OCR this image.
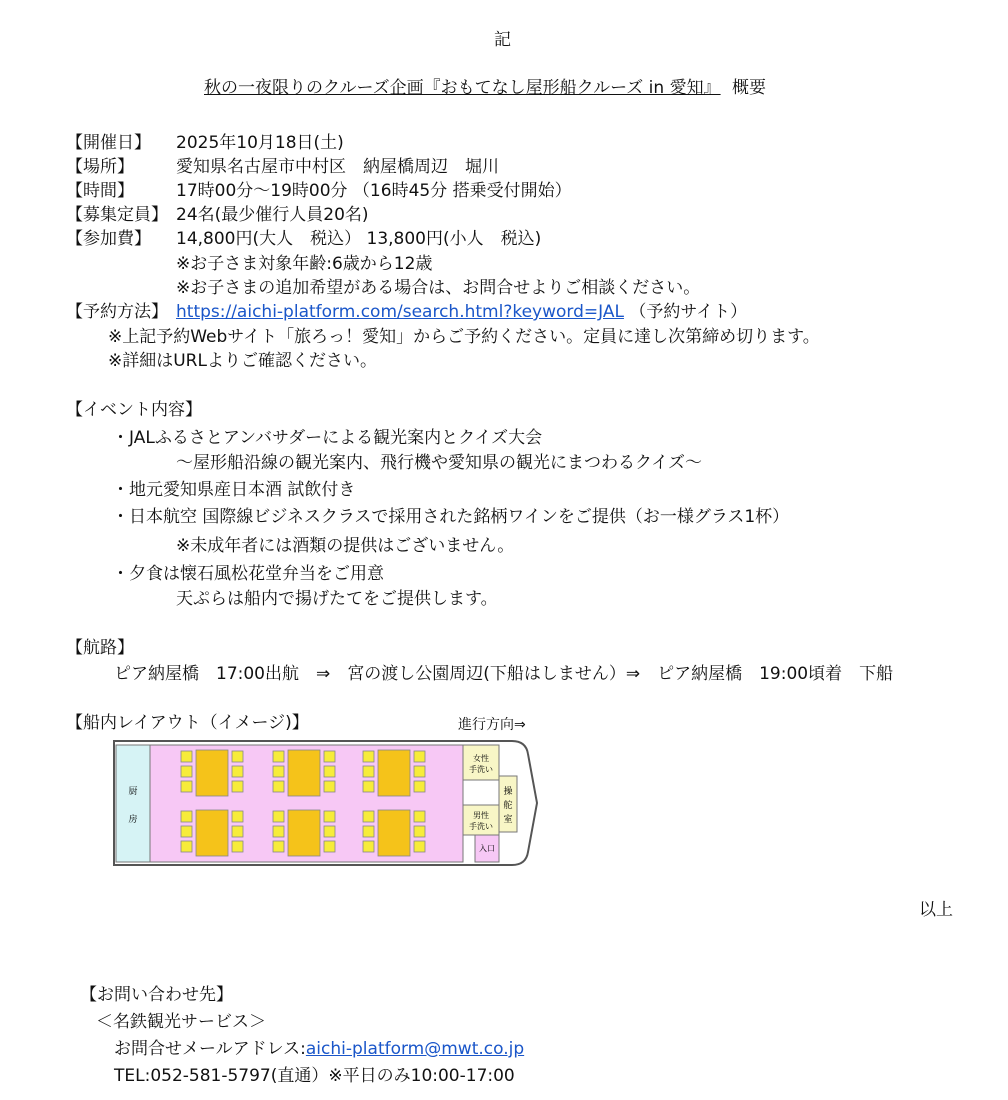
記
秋の一夜限りのクルーズ企画『おもてなし屋形船クルーズ in 愛知』 概要
【開催日】 2025年10月18日(土)
【場所】 愛知県名古屋市中村区　納屋橋周辺　堀川
【時間】 17時00分～19時00分 （16時45分 搭乗受付開始）
【募集定員】 24名(最少催行人員20名)
【参加費】 14,800円(大人　税込） 13,800円(小人　税込)
※お子さま対象年齢:6歳から12歳
※お子さまの追加希望がある場合は、お問合せよりご相談ください。
【予約方法】 https://aichi-platform.com/search.html?keyword=JAL （予約サイト）
※上記予約Webサイト「旅ろっ！愛知」からご予約ください。定員に達し次第締め切ります。
※詳細はURLよりご確認ください。
【イベント内容】
・JALふるさとアンバサダーによる観光案内とクイズ大会
～屋形船沿線の観光案内、飛行機や愛知県の観光にまつわるクイズ～
・地元愛知県産日本酒 試飲付き
・日本航空 国際線ビジネスクラスで採用された銘柄ワインをご提供（お一様グラス1杯）
※未成年者には酒類の提供はございません。
・夕食は懐石風松花堂弁当をご用意
天ぷらは船内で揚げたてをご提供します。
【航路】
ピア納屋橋　17:00出航　⇒　宮の渡し公園周辺(下船はしません）⇒　ピア納屋橋　19:00頃着　下船
【船内レイアウト（イメージ)】	進行方向⇒
厨
房
女性
手洗い
男性
手洗い
入口
操
舵
室
以上
【お問い合わせ先】
＜名鉄観光サービス＞
お問合せメールアドレス:aichi-platform@mwt.co.jp
TEL:052-581-5797(直通）※平日のみ10:00-17:00
